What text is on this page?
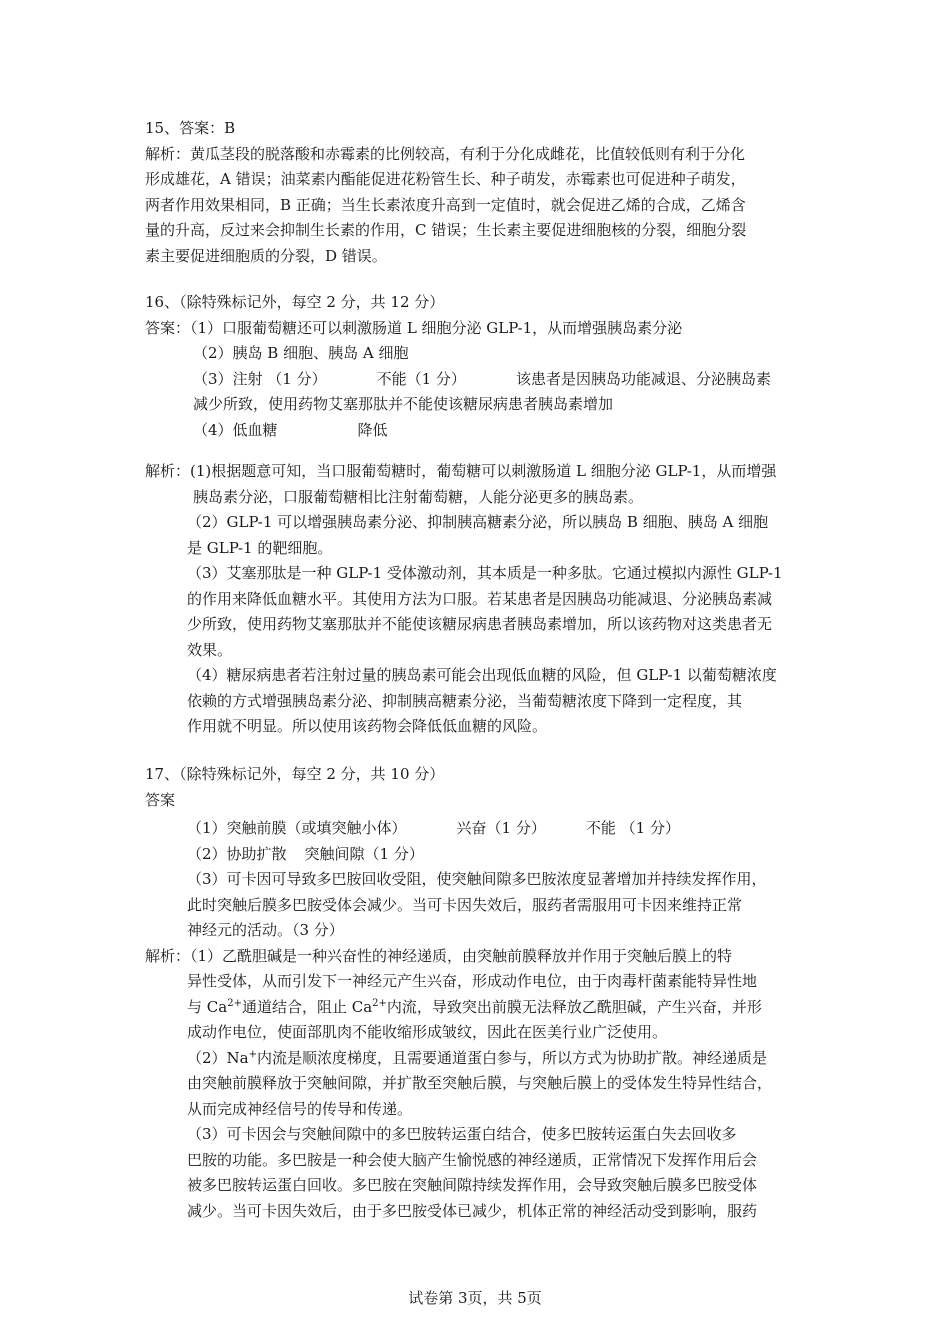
15、答案：B
解析：黄瓜茎段的脱落酸和赤霉素的比例较高，有利于分化成雌花，比值较低则有利于分化
形成雄花，A 错误；油菜素内酯能促进花粉管生长、种子萌发，赤霉素也可促进种子萌发，
两者作用效果相同，B 正确；当生长素浓度升高到一定值时，就会促进乙烯的合成，乙烯含
量的升高，反过来会抑制生长素的作用，C 错误；生长素主要促进细胞核的分裂，细胞分裂
素主要促进细胞质的分裂，D 错误。
16、（除特殊标记外，每空 2 分，共 12 分）
答案：（1）口服葡萄糖还可以刺激肠道 L 细胞分泌 GLP-1，从而增强胰岛素分泌
（2）胰岛 B 细胞、胰岛 A 细胞
（3）注射 （1 分）	不能（1 分）	该患者是因胰岛功能减退、分泌胰岛素
减少所致，使用药物艾塞那肽并不能使该糖尿病患者胰岛素增加
（4）低血糖	降低
解析：(1)根据题意可知，当口服葡萄糖时，葡萄糖可以刺激肠道 L 细胞分泌 GLP-1，从而增强
胰岛素分泌，口服葡萄糖相比注射葡萄糖，人能分泌更多的胰岛素。
（2）GLP-1 可以增强胰岛素分泌、抑制胰高糖素分泌，所以胰岛 B 细胞、胰岛 A 细胞
是 GLP-1 的靶细胞。
（3）艾塞那肽是一种 GLP-1 受体激动剂，其本质是一种多肽。它通过模拟内源性 GLP-1
的作用来降低血糖水平。其使用方法为口服。若某患者是因胰岛功能减退、分泌胰岛素减
少所致，使用药物艾塞那肽并不能使该糖尿病患者胰岛素增加，所以该药物对这类患者无
效果。
（4）糖尿病患者若注射过量的胰岛素可能会出现低血糖的风险，但 GLP-1 以葡萄糖浓度
依赖的方式增强胰岛素分泌、抑制胰高糖素分泌，当葡萄糖浓度下降到一定程度，其
作用就不明显。所以使用该药物会降低低血糖的风险。
17、（除特殊标记外，每空 2 分，共 10 分）
答案
（1）突触前膜（或填突触小体）	兴奋（1 分）	不能 （1 分）
（2）协助扩散 突触间隙（1 分）
（3）可卡因可导致多巴胺回收受阻，使突触间隙多巴胺浓度显著增加并持续发挥作用，
此时突触后膜多巴胺受体会减少。当可卡因失效后，服药者需服用可卡因来维持正常
神经元的活动。（3 分）
解析：（1）乙酰胆碱是一种兴奋性的神经递质，由突触前膜释放并作用于突触后膜上的特
异性受体，从而引发下一神经元产生兴奋，形成动作电位，由于肉毒杆菌素能特异性地
与 $Ca^{2+}$通道结合，阻止 $Ca^{2+}$内流，导致突出前膜无法释放乙酰胆碱，产生兴奋，并形
成动作电位，使面部肌肉不能收缩形成皱纹，因此在医美行业广泛使用。
（2）Na+内流是顺浓度梯度，且需要通道蛋白参与，所以方式为协助扩散。神经递质是
由突触前膜释放于突触间隙，并扩散至突触后膜，与突触后膜上的受体发生特异性结合，
从而完成神经信号的传导和传递。
（3）可卡因会与突触间隙中的多巴胺转运蛋白结合，使多巴胺转运蛋白失去回收多
巴胺的功能。多巴胺是一种会使大脑产生愉悦感的神经递质，正常情况下发挥作用后会
被多巴胺转运蛋白回收。多巴胺在突触间隙持续发挥作用，会导致突触后膜多巴胺受体
减少。当可卡因失效后，由于多巴胺受体已减少，机体正常的神经活动受到影响，服药
试卷第 3页，共 5页
